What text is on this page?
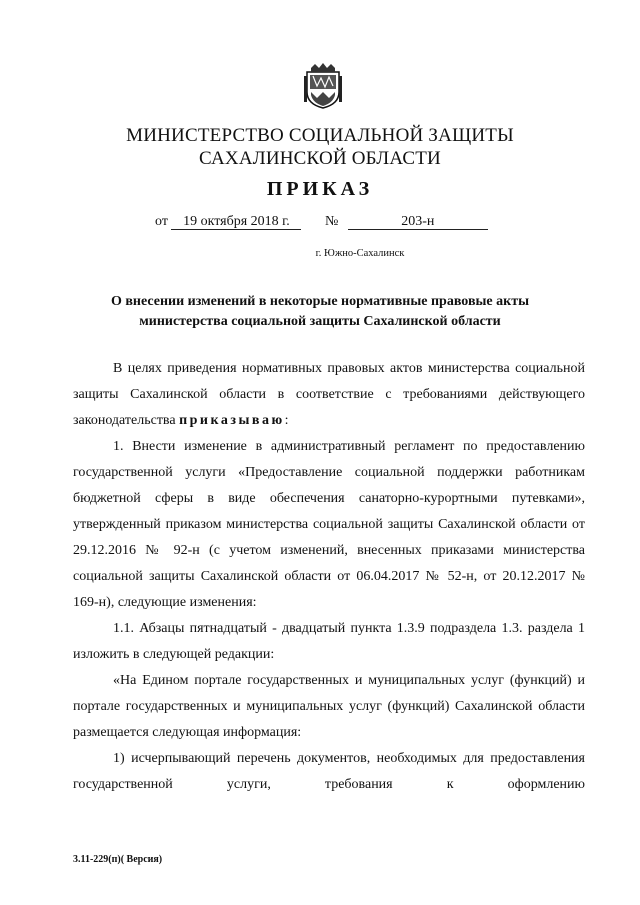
МИНИСТЕРСТВО СОЦИАЛЬНОЙ ЗАЩИТЫ
САХАЛИНСКОЙ ОБЛАСТИ
ПРИКАЗ
от 19 октября 2018 г.	№	203-н
г. Южно-Сахалинск
О внесении изменений в некоторые нормативные правовые акты
министерства социальной защиты Сахалинской области

В целях приведения нормативных правовых актов министерства социальной защиты Сахалинской области в соответствие с требованиями действующего законодательства приказываю:

1. Внести изменение в административный регламент по предоставлению государственной услуги «Предоставление социальной поддержки работникам бюджетной сферы в виде обеспечения санаторно-курортными путевками», утвержденный приказом министерства социальной защиты Сахалинской области от 29.12.2016 № 92-н (с учетом изменений, внесенных приказами министерства социальной защиты Сахалинской области от 06.04.2017 № 52-н, от 20.12.2017 № 169-н), следующие изменения:

1.1. Абзацы пятнадцатый - двадцатый пункта 1.3.9 подраздела 1.3. раздела 1 изложить в следующей редакции:

«На Едином портале государственных и муниципальных услуг (функций) и портале государственных и муниципальных услуг (функций) Сахалинской области размещается следующая информация:

1) исчерпывающий перечень документов, необходимых для предоставления государственной услуги, требования к оформлению

3.11-229(п)( Версия)
